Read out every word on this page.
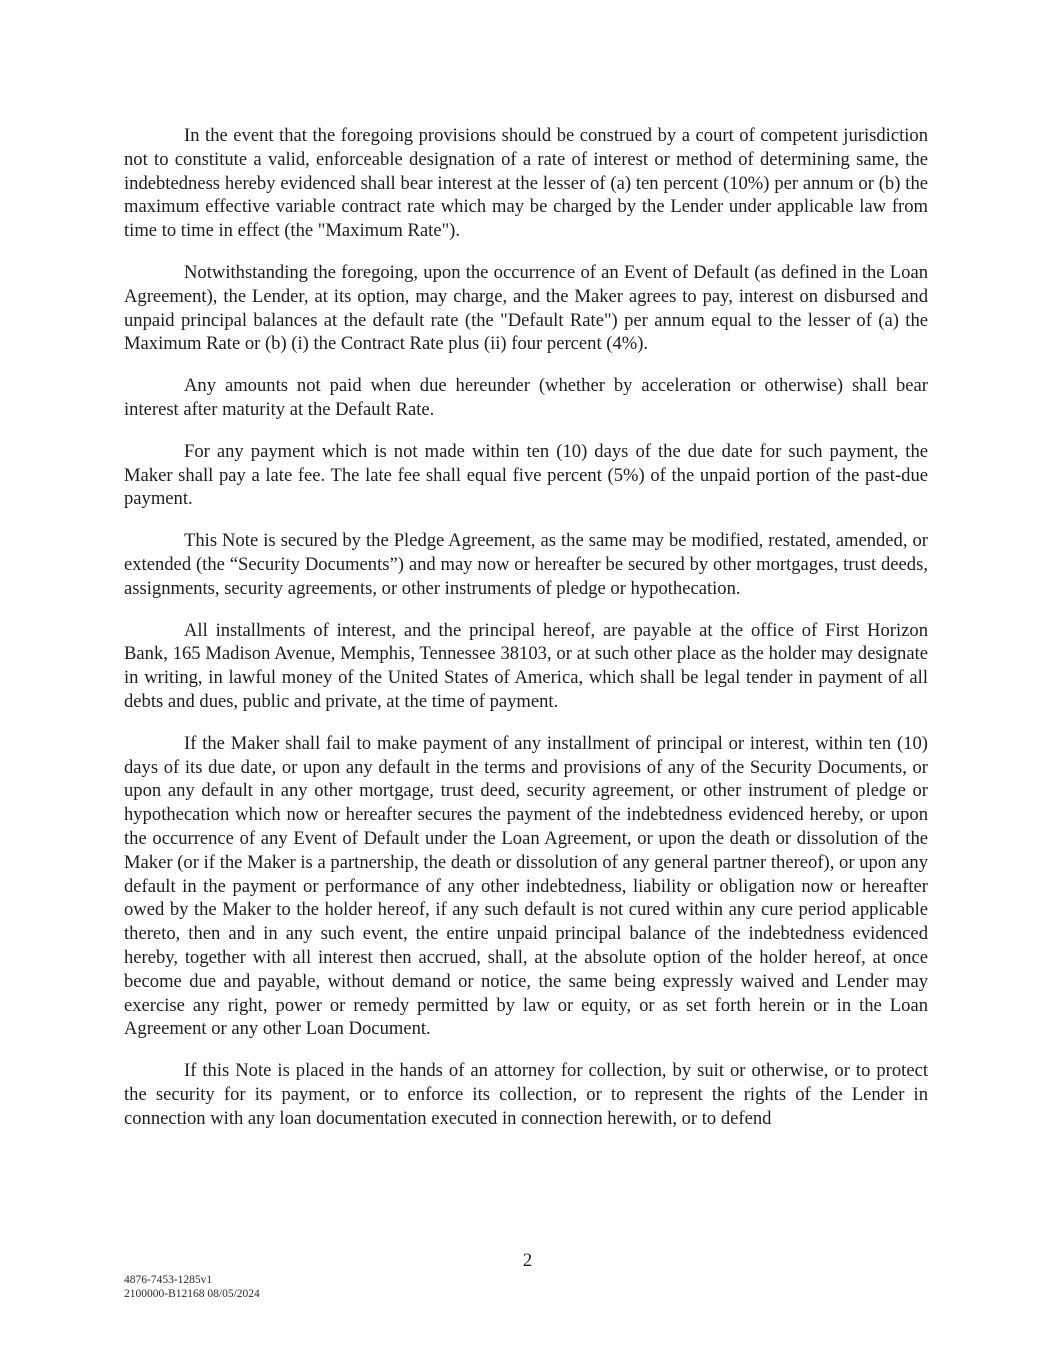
In the event that the foregoing provisions should be construed by a court of competent jurisdiction not to constitute a valid, enforceable designation of a rate of interest or method of determining same, the indebtedness hereby evidenced shall bear interest at the lesser of (a) ten percent (10%) per annum or (b) the maximum effective variable contract rate which may be charged by the Lender under applicable law from time to time in effect (the "Maximum Rate").

Notwithstanding the foregoing, upon the occurrence of an Event of Default (as defined in the Loan Agreement), the Lender, at its option, may charge, and the Maker agrees to pay, interest on disbursed and unpaid principal balances at the default rate (the "Default Rate") per annum equal to the lesser of (a) the Maximum Rate or (b) (i) the Contract Rate plus (ii) four percent (4%).

Any amounts not paid when due hereunder (whether by acceleration or otherwise) shall bear interest after maturity at the Default Rate.

For any payment which is not made within ten (10) days of the due date for such payment, the Maker shall pay a late fee. The late fee shall equal five percent (5%) of the unpaid portion of the past-due payment.

This Note is secured by the Pledge Agreement, as the same may be modified, restated, amended, or extended (the “Security Documents”) and may now or hereafter be secured by other mortgages, trust deeds, assignments, security agreements, or other instruments of pledge or hypothecation.

All installments of interest, and the principal hereof, are payable at the office of First Horizon Bank, 165 Madison Avenue, Memphis, Tennessee 38103, or at such other place as the holder may designate in writing, in lawful money of the United States of America, which shall be legal tender in payment of all debts and dues, public and private, at the time of payment.

If the Maker shall fail to make payment of any installment of principal or interest, within ten (10) days of its due date, or upon any default in the terms and provisions of any of the Security Documents, or upon any default in any other mortgage, trust deed, security agreement, or other instrument of pledge or hypothecation which now or hereafter secures the payment of the indebtedness evidenced hereby, or upon the occurrence of any Event of Default under the Loan Agreement, or upon the death or dissolution of the Maker (or if the Maker is a partnership, the death or dissolution of any general partner thereof), or upon any default in the payment or performance of any other indebtedness, liability or obligation now or hereafter owed by the Maker to the holder hereof, if any such default is not cured within any cure period applicable thereto, then and in any such event, the entire unpaid principal balance of the indebtedness evidenced hereby, together with all interest then accrued, shall, at the absolute option of the holder hereof, at once become due and payable, without demand or notice, the same being expressly waived and Lender may exercise any right, power or remedy permitted by law or equity, or as set forth herein or in the Loan Agreement or any other Loan Document.

If this Note is placed in the hands of an attorney for collection, by suit or otherwise, or to protect the security for its payment, or to enforce its collection, or to represent the rights of the Lender in connection with any loan documentation executed in connection herewith, or to defend

2
4876-7453-1285v1
2100000-B12168 08/05/2024
